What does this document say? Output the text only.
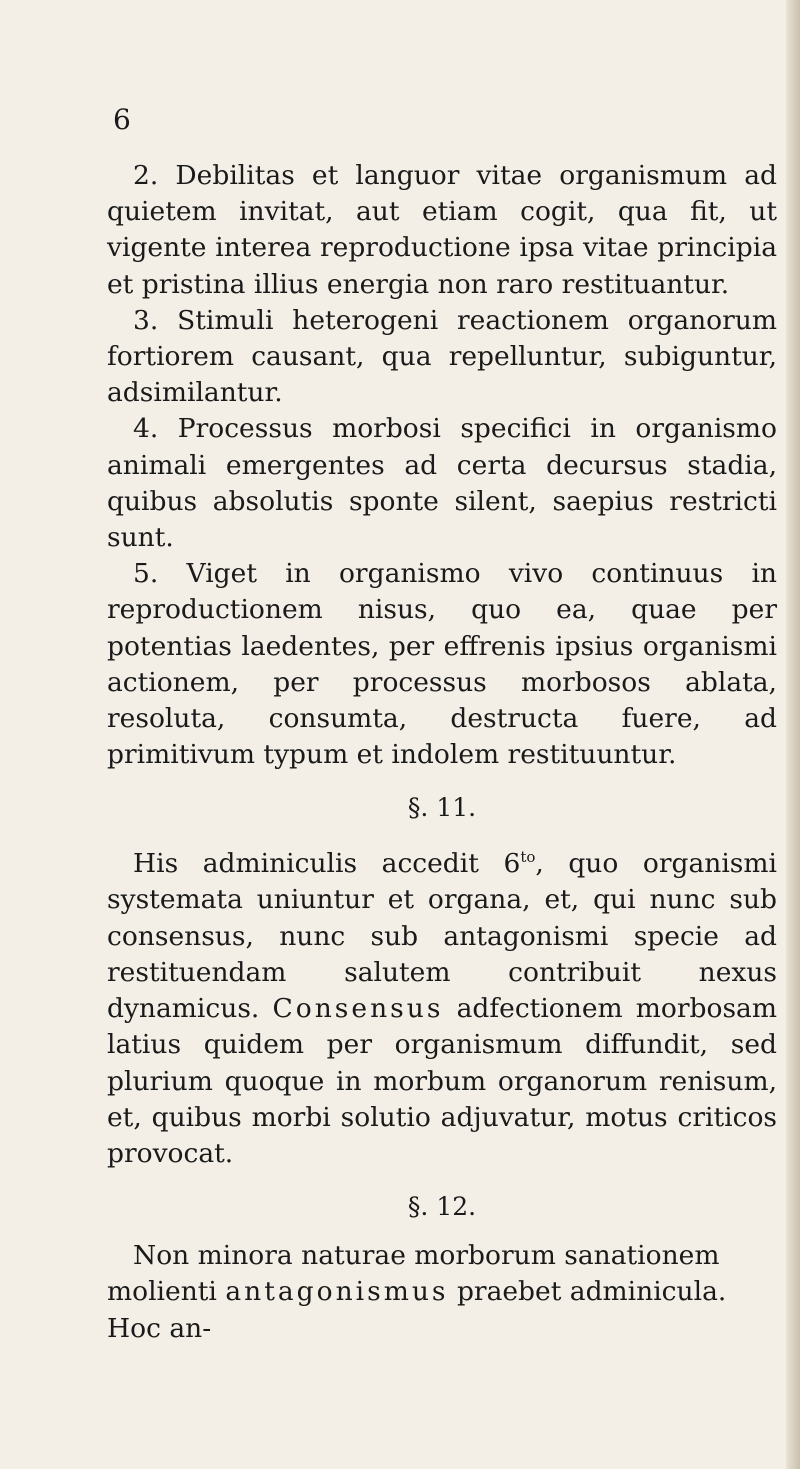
6

2. Debilitas et languor vitae organismum ad quietem invitat, aut etiam cogit, qua fit, ut vigente interea reproductione ipsa vitae principia et pristina illius energia non raro restituantur.

3. Stimuli heterogeni reactionem organorum fortiorem causant, qua repelluntur, subiguntur, adsimilantur.

4. Processus morbosi specifici in organismo animali emergentes ad certa decursus stadia, quibus absolutis sponte silent, saepius restricti sunt.

5. Viget in organismo vivo continuus in reproductionem nisus, quo ea, quae per potentias laedentes, per effrenis ipsius organismi actionem, per processus morbosos ablata, resoluta, consumta, destructa fuere, ad primitivum typum et indolem restituuntur.

§. 11.

His adminiculis accedit $6^{to}$, quo organismi systemata uniuntur et organa, et, qui nunc sub consensus, nunc sub antagonismi specie ad restituendam salutem contribuit nexus dynamicus. Consensus adfectionem morbosam latius quidem per organismum diffundit, sed plurium quoque in morbum organorum renisum, et, quibus morbi solutio adjuvatur, motus criticos provocat.

§. 12.

Non minora naturae morborum sanationem molienti antagonismus praebet adminicula. Hoc an-
